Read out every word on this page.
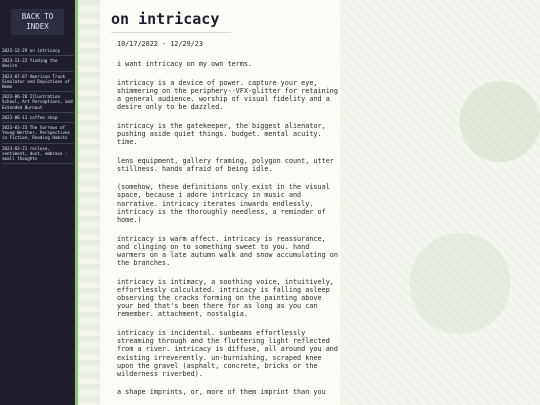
BACK TO INDEX
2023-12-29 on intricacy
2023-11-22 finding the desire
2023-07-07 American Truck Simulator and Depictions of Home
2023-06-28 Illustration School, Art Perceptions, and Extended Burnout
2023-06-11 coffee shop
2023-03-23 The Sorrows of Young Werther, Perspectives in Fiction, Reading Habits
2023-03-21 recluse, sentiment, dust, embrace - small thoughts
on intricacy
10/17/2022 - 12/29/23

i want intricacy on my own terms.

intricacy is a device of power. capture your eye, shimmering on the periphery--VFX-glitter for retaining a general audience. worship of visual fidelity and a desire only to be dazzled.

intricacy is the gatekeeper, the biggest alienator, pushing aside quiet things. budget. mental acuity. time.

lens equipment, gallery framing, polygon count, utter stillness. hands afraid of being idle.

(somehow, these definitions only exist in the visual space, because i adore intricacy in music and narrative. intricacy iterates inwards endlessly. intricacy is the thoroughly needless, a reminder of home.)

intricacy is warm affect. intricacy is reassurance, and clinging on to something sweet to you. hand warmers on a late autumn walk and snow accumulating on the branches.

intricacy is intimacy, a soothing voice, intuitively, effortlessly calculated. intricacy is falling asleep observing the cracks forming on the painting above your bed that's been there for as long as you can remember. attachment, nostalgia.

intricacy is incidental. sunbeams effortlessly streaming through and the fluttering light reflected from a river. intricacy is diffuse, all around you and existing irreverently. un-burnishing, scraped knee upon the gravel (asphalt, concrete, bricks or the wilderness riverbed).

a shape imprints, or, more of them imprint than you
